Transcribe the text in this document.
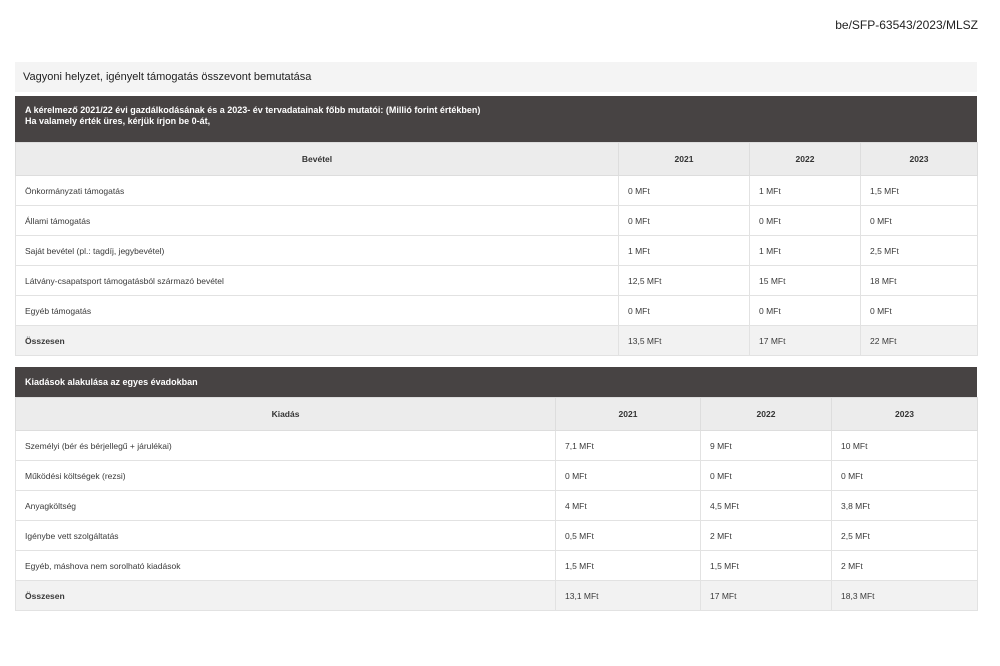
be/SFP-63543/2023/MLSZ
Vagyoni helyzet, igényelt támogatás összevont bemutatása
A kérelmező 2021/22 évi gazdálkodásának és a 2023- év tervadatainak főbb mutatói: (Millió forint értékben)
Ha valamely érték üres, kérjük írjon be 0-át,
Bevétel	2021	2022	2023
Önkormányzati támogatás	0 MFt	1 MFt	1,5 MFt
Állami támogatás	0 MFt	0 MFt	0 MFt
Saját bevétel (pl.: tagdíj, jegybevétel)	1 MFt	1 MFt	2,5 MFt
Látvány-csapatsport támogatásból származó bevétel	12,5 MFt	15 MFt	18 MFt
Egyéb támogatás	0 MFt	0 MFt	0 MFt
Összesen	13,5 MFt	17 MFt	22 MFt
Kiadások alakulása az egyes évadokban
Kiadás	2021	2022	2023
Személyi (bér és bérjellegű + járulékai)	7,1 MFt	9 MFt	10 MFt
Működési költségek (rezsi)	0 MFt	0 MFt	0 MFt
Anyagköltség	4 MFt	4,5 MFt	3,8 MFt
Igénybe vett szolgáltatás	0,5 MFt	2 MFt	2,5 MFt
Egyéb, máshova nem sorolható kiadások	1,5 MFt	1,5 MFt	2 MFt
Összesen	13,1 MFt	17 MFt	18,3 MFt
